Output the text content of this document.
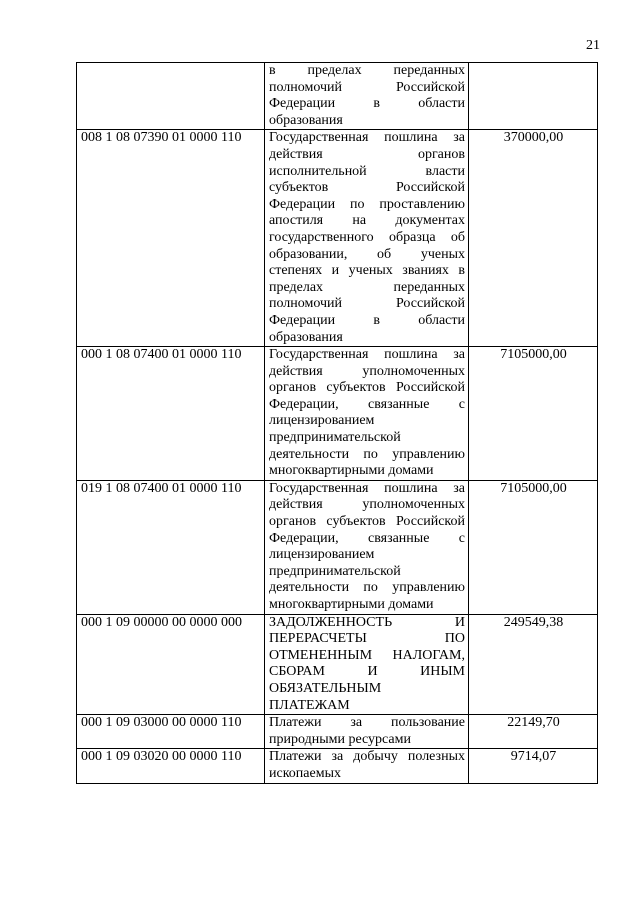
21
	в пределах переданных полномочий Российской Федерации в области образования	
008 1 08 07390 01 0000 110	Государственная пошлина за действия органов исполнительной власти субъектов Российской Федерации по проставлению апостиля на документах государственного образца об образовании, об ученых степенях и ученых званиях в пределах переданных полномочий Российской Федерации в области образования	370000,00
000 1 08 07400 01 0000 110	Государственная пошлина за действия уполномоченных органов субъектов Российской Федерации, связанные с лицензированием предпринимательской деятельности по управлению многоквартирными домами	7105000,00
019 1 08 07400 01 0000 110	Государственная пошлина за действия уполномоченных органов субъектов Российской Федерации, связанные с лицензированием предпринимательской деятельности по управлению многоквартирными домами	7105000,00
000 1 09 00000 00 0000 000	ЗАДОЛЖЕННОСТЬ И ПЕРЕРАСЧЕТЫ ПО ОТМЕНЕННЫМ НАЛОГАМ, СБОРАМ И ИНЫМ ОБЯЗАТЕЛЬНЫМ ПЛАТЕЖАМ	249549,38
000 1 09 03000 00 0000 110	Платежи за пользование природными ресурсами	22149,70
000 1 09 03020 00 0000 110	Платежи за добычу полезных ископаемых	9714,07
